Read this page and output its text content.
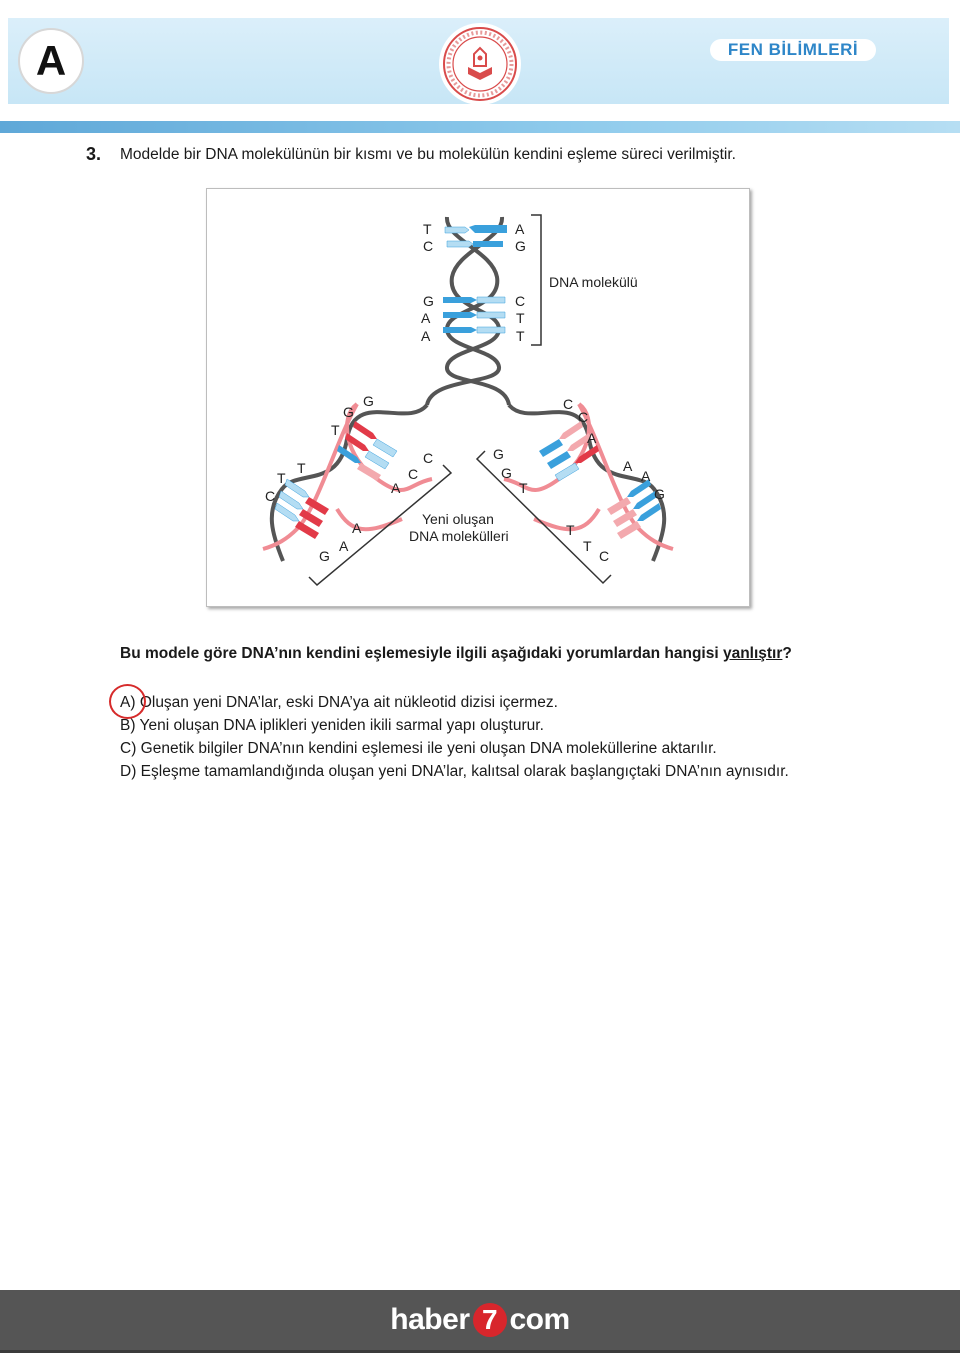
A	FEN BİLİMLERİ
3. Modelde bir DNA molekülünün bir kısmı ve bu molekülün kendini eşleme süreci verilmiştir.
DNA molekülü
T
C
G
A
A
A
G
C
T
T
G
G
T
T
T
C	A
C
C
A
A
G
C
C
A
G
G
T
A
A
G
T
T
C
Yeni oluşan
DNA molekülleri
Bu modele göre DNA’nın kendini eşlemesiyle ilgili aşağıdaki yorumlardan hangisi yanlıştır?
A) Oluşan yeni DNA’lar, eski DNA’ya ait nükleotid dizisi içermez.
B) Yeni oluşan DNA iplikleri yeniden ikili sarmal yapı oluşturur.
C) Genetik bilgiler DNA’nın kendini eşlemesi ile yeni oluşan DNA moleküllerine aktarılır.
D) Eşleşme tamamlandığında oluşan yeni DNA’lar, kalıtsal olarak başlangıçtaki DNA’nın aynısıdır.
haber 7 com
